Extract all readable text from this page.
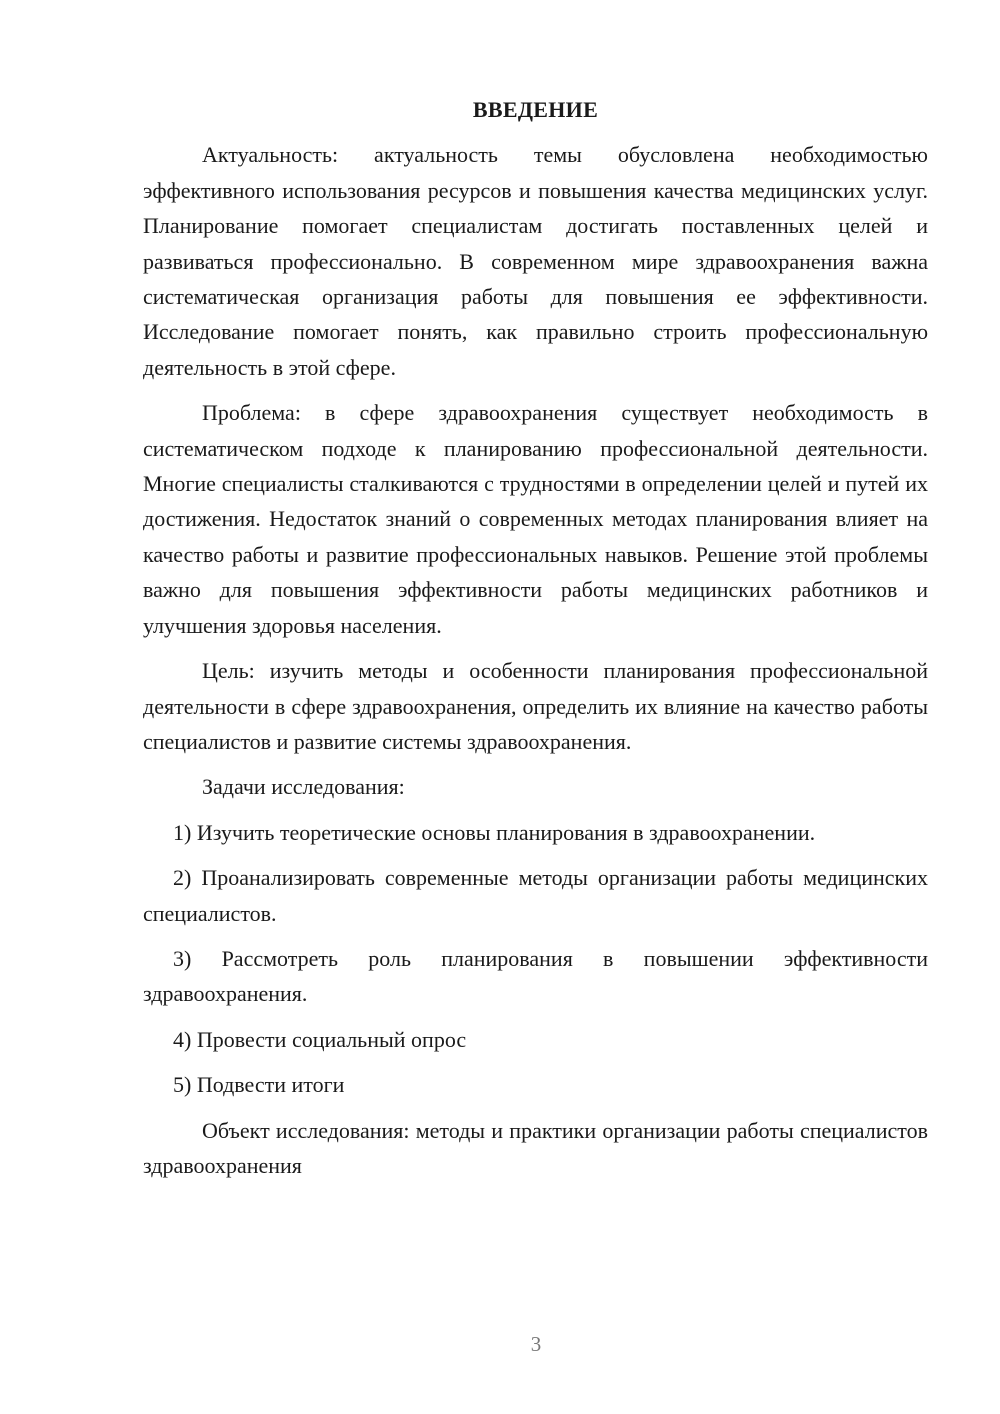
ВВЕДЕНИЕ

Актуальность: актуальность темы обусловлена необходимостью эффективного использования ресурсов и повышения качества медицинских услуг. Планирование помогает специалистам достигать поставленных целей и развиваться профессионально. В современном мире здравоохранения важна систематическая организация работы для повышения ее эффективности. Исследование помогает понять, как правильно строить профессиональную деятельность в этой сфере.

Проблема: в сфере здравоохранения существует необходимость в систематическом подходе к планированию профессиональной деятельности. Многие специалисты сталкиваются с трудностями в определении целей и путей их достижения. Недостаток знаний о современных методах планирования влияет на качество работы и развитие профессиональных навыков. Решение этой проблемы важно для повышения эффективности работы медицинских работников и улучшения здоровья населения.

Цель: изучить методы и особенности планирования профессиональной деятельности в сфере здравоохранения, определить их влияние на качество работы специалистов и развитие системы здравоохранения.

Задачи исследования:

1) Изучить теоретические основы планирования в здравоохранении.

2) Проанализировать современные методы организации работы медицинских специалистов.

3) Рассмотреть роль планирования в повышении эффективности здравоохранения.

4) Провести социальный опрос

5) Подвести итоги

Объект исследования: методы и практики организации работы специалистов здравоохранения

3
